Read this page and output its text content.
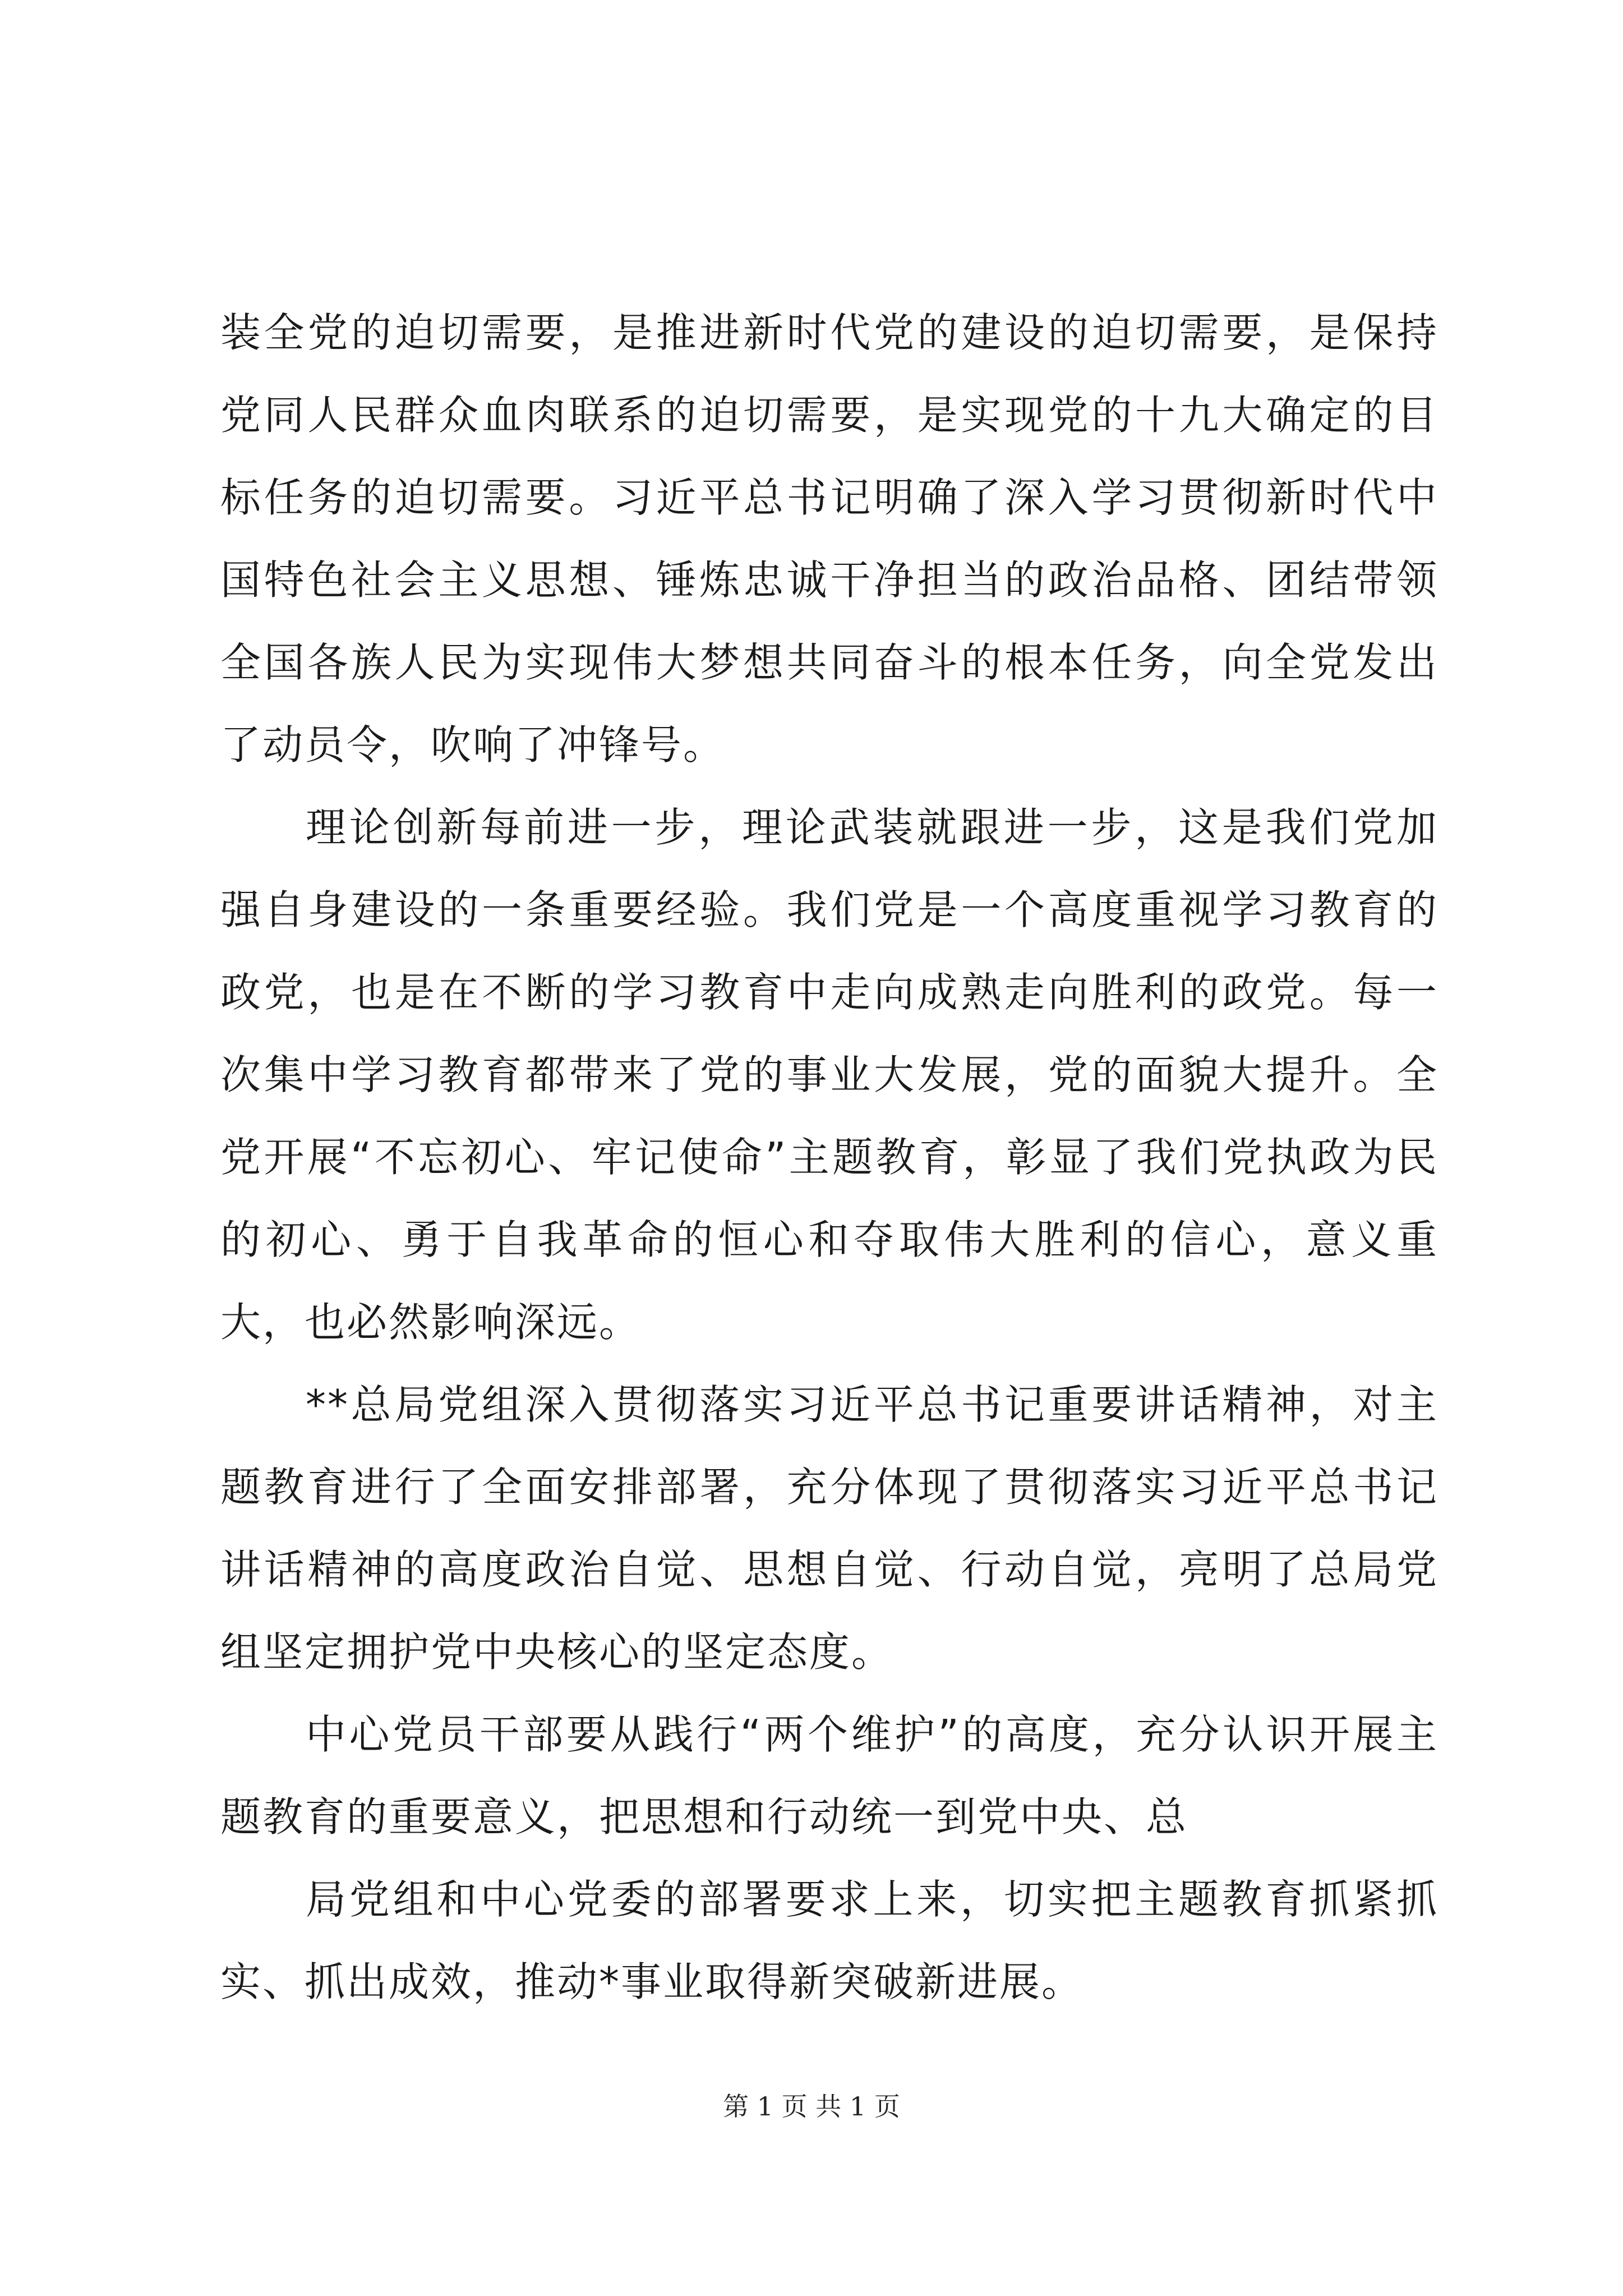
装全党的迫切需要，是推进新时代党的建设的迫切需要，是保持党同人民群众血肉联系的迫切需要，是实现党的十九大确定的目标任务的迫切需要。习近平总书记明确了深入学习贯彻新时代中国特色社会主义思想、锤炼忠诚干净担当的政治品格、团结带领全国各族人民为实现伟大梦想共同奋斗的根本任务，向全党发出了动员令，吹响了冲锋号。

理论创新每前进一步，理论武装就跟进一步，这是我们党加强自身建设的一条重要经验。我们党是一个高度重视学习教育的政党，也是在不断的学习教育中走向成熟走向胜利的政党。每一次集中学习教育都带来了党的事业大发展，党的面貌大提升。全党开展“不忘初心、牢记使命”主题教育，彰显了我们党执政为民的初心、勇于自我革命的恒心和夺取伟大胜利的信心，意义重大，也必然影响深远。

**总局党组深入贯彻落实习近平总书记重要讲话精神，对主题教育进行了全面安排部署，充分体现了贯彻落实习近平总书记讲话精神的高度政治自觉、思想自觉、行动自觉，亮明了总局党组坚定拥护党中央核心的坚定态度。

中心党员干部要从践行“两个维护”的高度，充分认识开展主题教育的重要意义，把思想和行动统一到党中央、总

局党组和中心党委的部署要求上来，切实把主题教育抓紧抓实、抓出成效，推动*事业取得新突破新进展。

第 1 页 共 1 页
